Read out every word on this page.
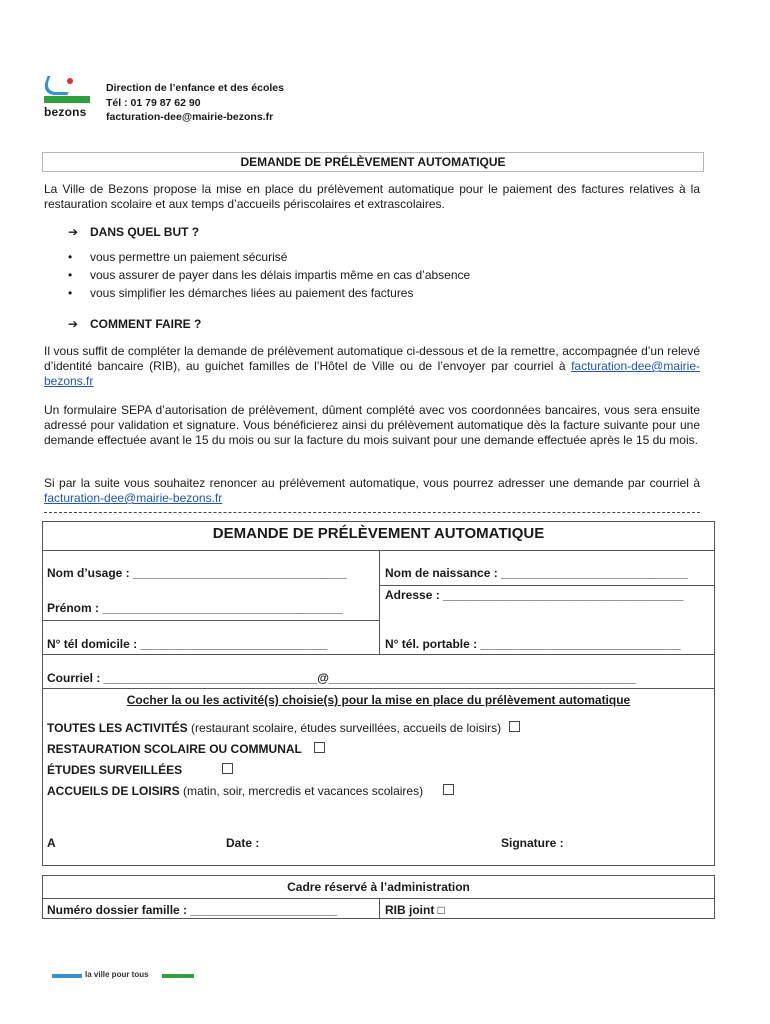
bezons
Direction de l’enfance et des écoles
Tél : 01 79 87 62 90
facturation-dee@mairie-bezons.fr
DEMANDE DE PRÉLÈVEMENT AUTOMATIQUE
La Ville de Bezons propose la mise en place du prélèvement automatique pour le paiement des factures relatives à la restauration scolaire et aux temps d’accueils périscolaires et extrascolaires.
➔ DANS QUEL BUT ?
• vous permettre un paiement sécurisé
• vous assurer de payer dans les délais impartis même en cas d’absence
• vous simplifier les démarches liées au paiement des factures
➔ COMMENT FAIRE ?
Il vous suffit de compléter la demande de prélèvement automatique ci-dessous et de la remettre, accompagnée d’un relevé d’identité bancaire (RIB), au guichet familles de l’Hôtel de Ville ou de l’envoyer par courriel à facturation-dee@mairie-bezons.fr
Un formulaire SEPA d’autorisation de prélèvement, dûment complété avec vos coordonnées bancaires, vous sera ensuite adressé pour validation et signature. Vous bénéficierez ainsi du prélèvement automatique dès la facture suivante pour une demande effectuée avant le 15 du mois ou sur la facture du mois suivant pour une demande effectuée après le 15 du mois.
Si par la suite vous souhaitez renoncer au prélèvement automatique, vous pourrez adresser une demande par courriel à facturation-dee@mairie-bezons.fr
DEMANDE DE PRÉLÈVEMENT AUTOMATIQUE
Nom d’usage : ________________________________	Nom de naissance : ____________________________
Adresse : ____________________________________
Prénom : ____________________________________
N° tél domicile : ____________________________	N° tél. portable : ______________________________
Courriel : ________________________________@______________________________________________
Cocher la ou les activité(s) choisie(s) pour la mise en place du prélèvement automatique
TOUTES LES ACTIVITÉS (restaurant scolaire, études surveillées, accueils de loisirs)
RESTAURATION SCOLAIRE OU COMMUNAL
ÉTUDES SURVEILLÉES
ACCUEILS DE LOISIRS (matin, soir, mercredis et vacances scolaires)
A	Date :	Signature :
Cadre réservé à l’administration
Numéro dossier famille : ______________________	RIB joint □
la ville pour tous
